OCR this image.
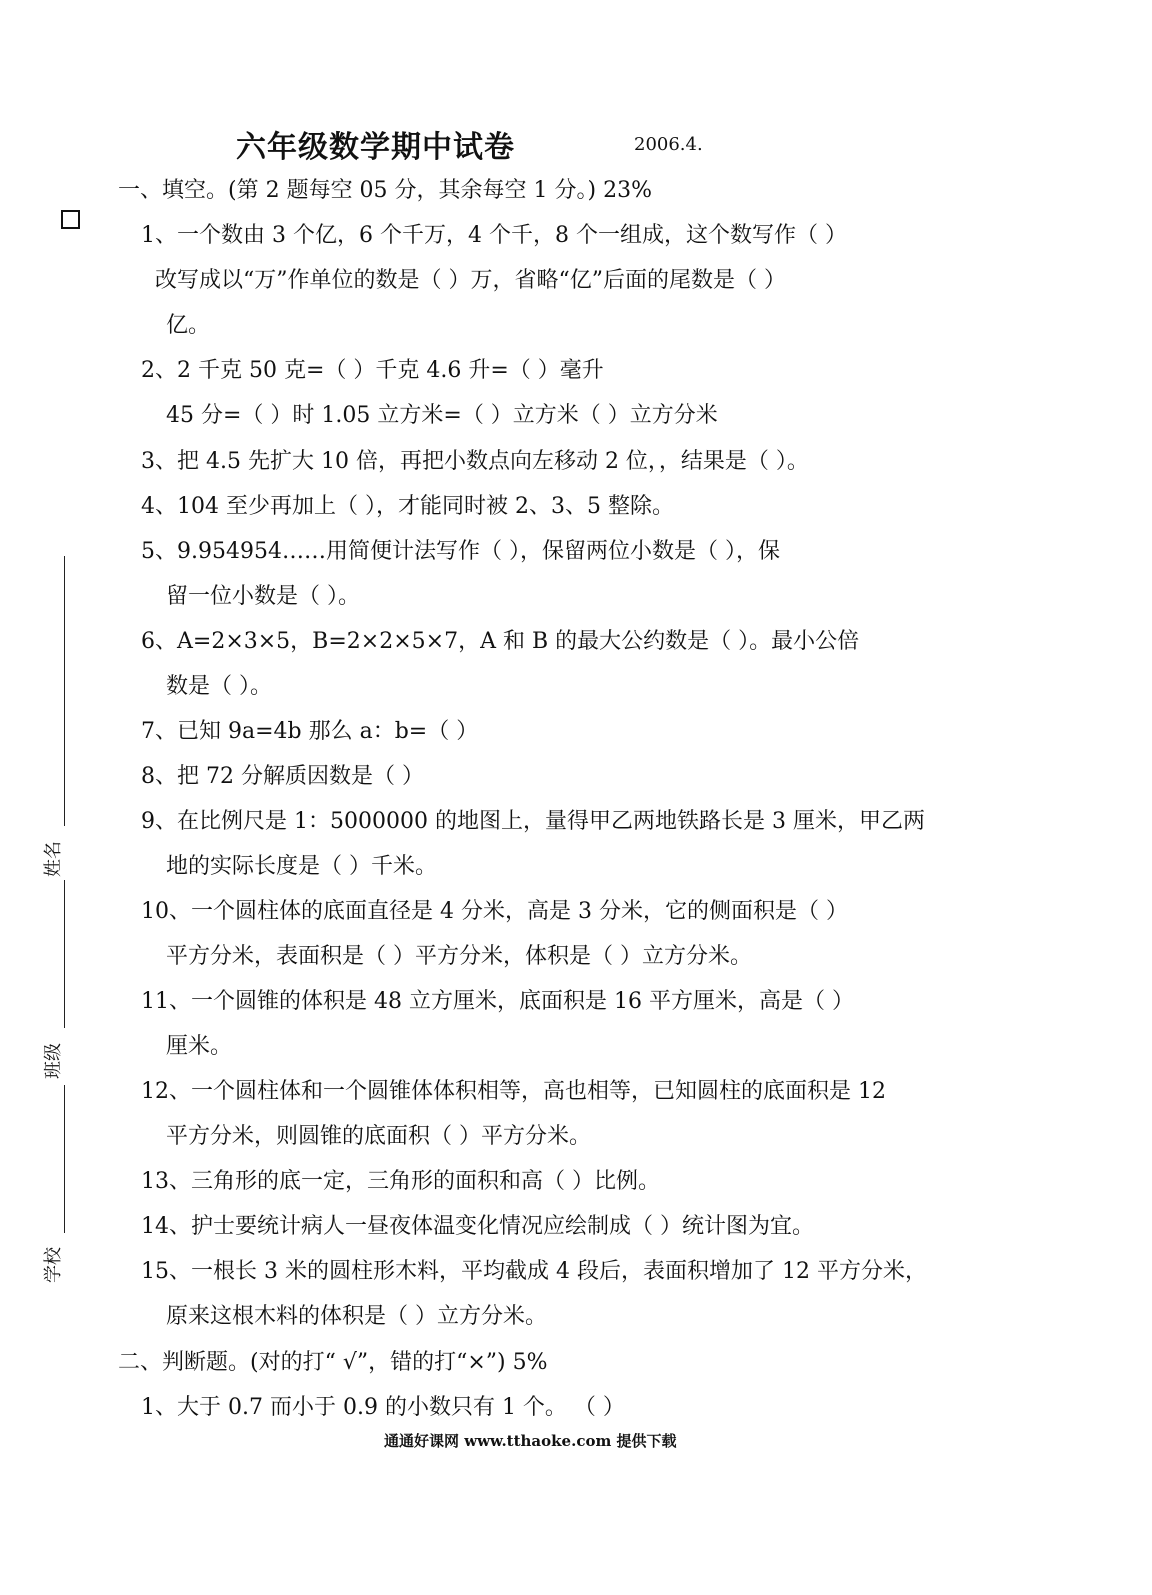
六年级数学期中试卷	2006.4.
一、填空。(第 2 题每空 05 分，其余每空 1 分。) 23%
1、一个数由 3 个亿，6 个千万，4 个千，8 个一组成，这个数写作（ ）
改写成以“万”作单位的数是（ ）万，省略“亿”后面的尾数是（ ）
亿。
2、2 千克 50 克=（ ）千克 4.6 升=（ ）毫升
45 分=（ ）时 1.05 立方米=（ ）立方米（ ）立方分米
3、把 4.5 先扩大 10 倍，再把小数点向左移动 2 位，，结果是（ ）。
4、104 至少再加上（ ），才能同时被 2、3、5 整除。
5、9.954954……用简便计法写作（ ），保留两位小数是（ ），保
留一位小数是（ ）。
6、A=2×3×5，B=2×2×5×7，A 和 B 的最大公约数是（ ）。最小公倍
数是（ ）。
7、已知 9a=4b 那么 a：b=（ ）
8、把 72 分解质因数是（ ）
9、在比例尺是 1：5000000 的地图上，量得甲乙两地铁路长是 3 厘米，甲乙两
地的实际长度是（ ）千米。
10、一个圆柱体的底面直径是 4 分米，高是 3 分米，它的侧面积是（ ）
平方分米，表面积是（ ）平方分米，体积是（ ）立方分米。
11、一个圆锥的体积是 48 立方厘米，底面积是 16 平方厘米，高是（ ）
厘米。
12、一个圆柱体和一个圆锥体体积相等，高也相等，已知圆柱的底面积是 12
平方分米，则圆锥的底面积（ ）平方分米。
13、三角形的底一定，三角形的面积和高（ ）比例。
14、护士要统计病人一昼夜体温变化情况应绘制成（ ）统计图为宜。
15、一根长 3 米的圆柱形木料，平均截成 4 段后，表面积增加了 12 平方分米，
原来这根木料的体积是（ ）立方分米。
二、判断题。(对的打“ √”，错的打“×”) 5%
1、大于 0.7 而小于 0.9 的小数只有 1 个。 （ ）
姓名
班级
学校
通通好课网 www.tthaoke.com 提供下载
